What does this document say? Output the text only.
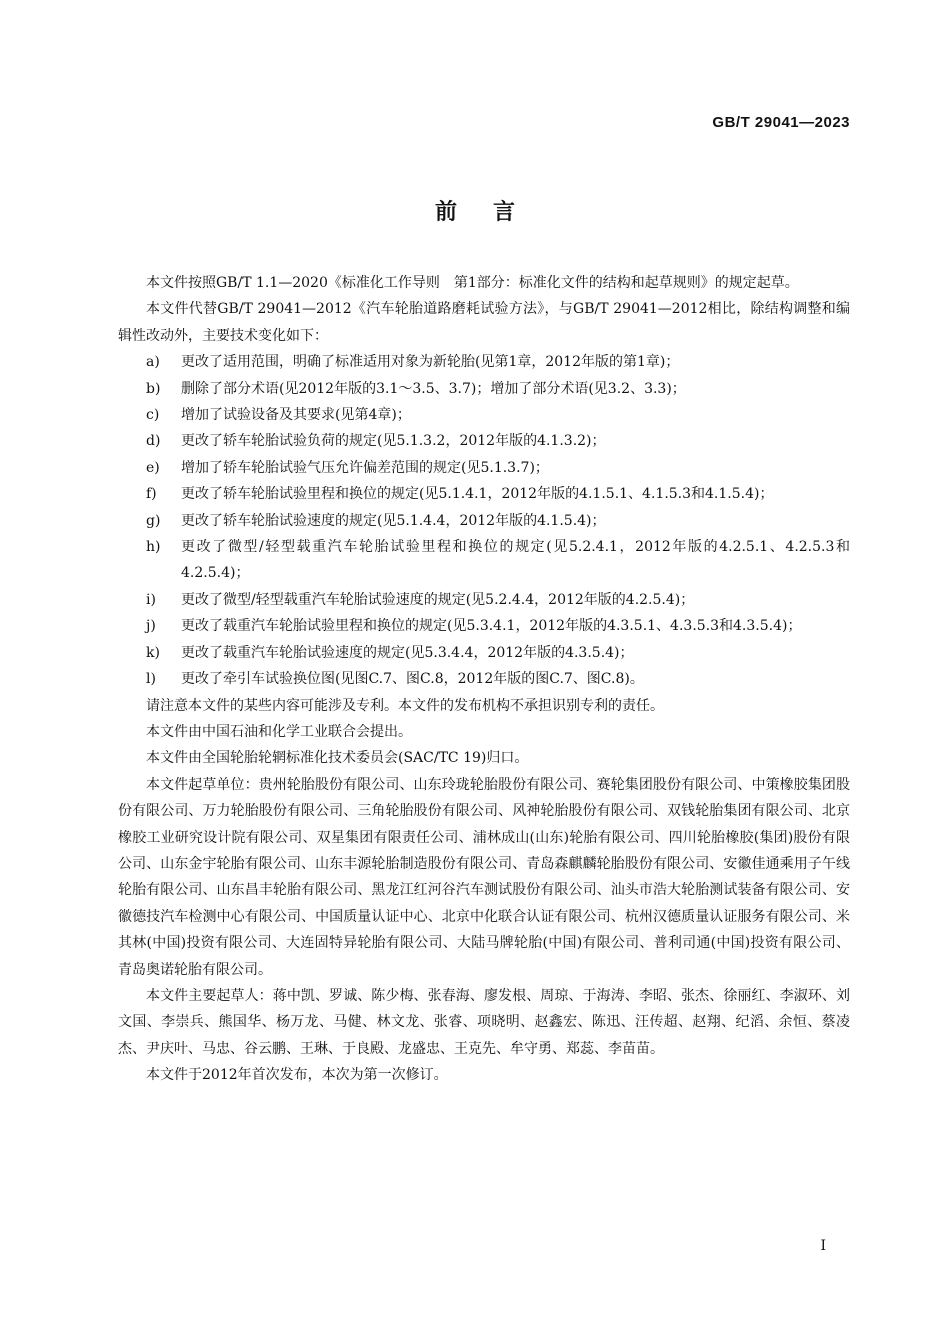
GB/T 29041—2023
前言

本文件按照GB/T 1.1—2020《标准化工作导则　第1部分：标准化文件的结构和起草规则》的规定起草。

本文件代替GB/T 29041—2012《汽车轮胎道路磨耗试验方法》，与GB/T 29041—2012相比，除结构调整和编辑性改动外，主要技术变化如下：

a)	更改了适用范围，明确了标准适用对象为新轮胎(见第1章，2012年版的第1章)；
b)	删除了部分术语(见2012年版的3.1～3.5、3.7)；增加了部分术语(见3.2、3.3)；
c)	增加了试验设备及其要求(见第4章)；
d)	更改了轿车轮胎试验负荷的规定(见5.1.3.2，2012年版的4.1.3.2)；
e)	增加了轿车轮胎试验气压允许偏差范围的规定(见5.1.3.7)；
f)	更改了轿车轮胎试验里程和换位的规定(见5.1.4.1，2012年版的4.1.5.1、4.1.5.3和4.1.5.4)；
g)	更改了轿车轮胎试验速度的规定(见5.1.4.4，2012年版的4.1.5.4)；
h)	更改了微型/轻型载重汽车轮胎试验里程和换位的规定(见5.2.4.1，2012年版的4.2.5.1、4.2.5.3和4.2.5.4)；
i)	更改了微型/轻型载重汽车轮胎试验速度的规定(见5.2.4.4，2012年版的4.2.5.4)；
j)	更改了载重汽车轮胎试验里程和换位的规定(见5.3.4.1，2012年版的4.3.5.1、4.3.5.3和4.3.5.4)；
k)	更改了载重汽车轮胎试验速度的规定(见5.3.4.4，2012年版的4.3.5.4)；
l)	更改了牵引车试验换位图(见图C.7、图C.8，2012年版的图C.7、图C.8)。

请注意本文件的某些内容可能涉及专利。本文件的发布机构不承担识别专利的责任。

本文件由中国石油和化学工业联合会提出。

本文件由全国轮胎轮辋标准化技术委员会(SAC/TC 19)归口。

本文件起草单位：贵州轮胎股份有限公司、山东玲珑轮胎股份有限公司、赛轮集团股份有限公司、中策橡胶集团股份有限公司、万力轮胎股份有限公司、三角轮胎股份有限公司、风神轮胎股份有限公司、双钱轮胎集团有限公司、北京橡胶工业研究设计院有限公司、双星集团有限责任公司、浦林成山(山东)轮胎有限公司、四川轮胎橡胶(集团)股份有限公司、山东金宇轮胎有限公司、山东丰源轮胎制造股份有限公司、青岛森麒麟轮胎股份有限公司、安徽佳通乘用子午线轮胎有限公司、山东昌丰轮胎有限公司、黑龙江红河谷汽车测试股份有限公司、汕头市浩大轮胎测试装备有限公司、安徽德技汽车检测中心有限公司、中国质量认证中心、北京中化联合认证有限公司、杭州汉德质量认证服务有限公司、米其林(中国)投资有限公司、大连固特异轮胎有限公司、大陆马牌轮胎(中国)有限公司、普利司通(中国)投资有限公司、青岛奥诺轮胎有限公司。

本文件主要起草人：蒋中凯、罗诚、陈少梅、张春海、廖发根、周琼、于海涛、李昭、张杰、徐丽红、李淑环、刘文国、李崇兵、熊国华、杨万龙、马健、林文龙、张睿、项晓明、赵鑫宏、陈迅、汪传超、赵翔、纪滔、余恒、蔡凌杰、尹庆叶、马忠、谷云鹏、王琳、于良殿、龙盛忠、王克先、牟守勇、郑蕊、李苗苗。

本文件于2012年首次发布，本次为第一次修订。

I
